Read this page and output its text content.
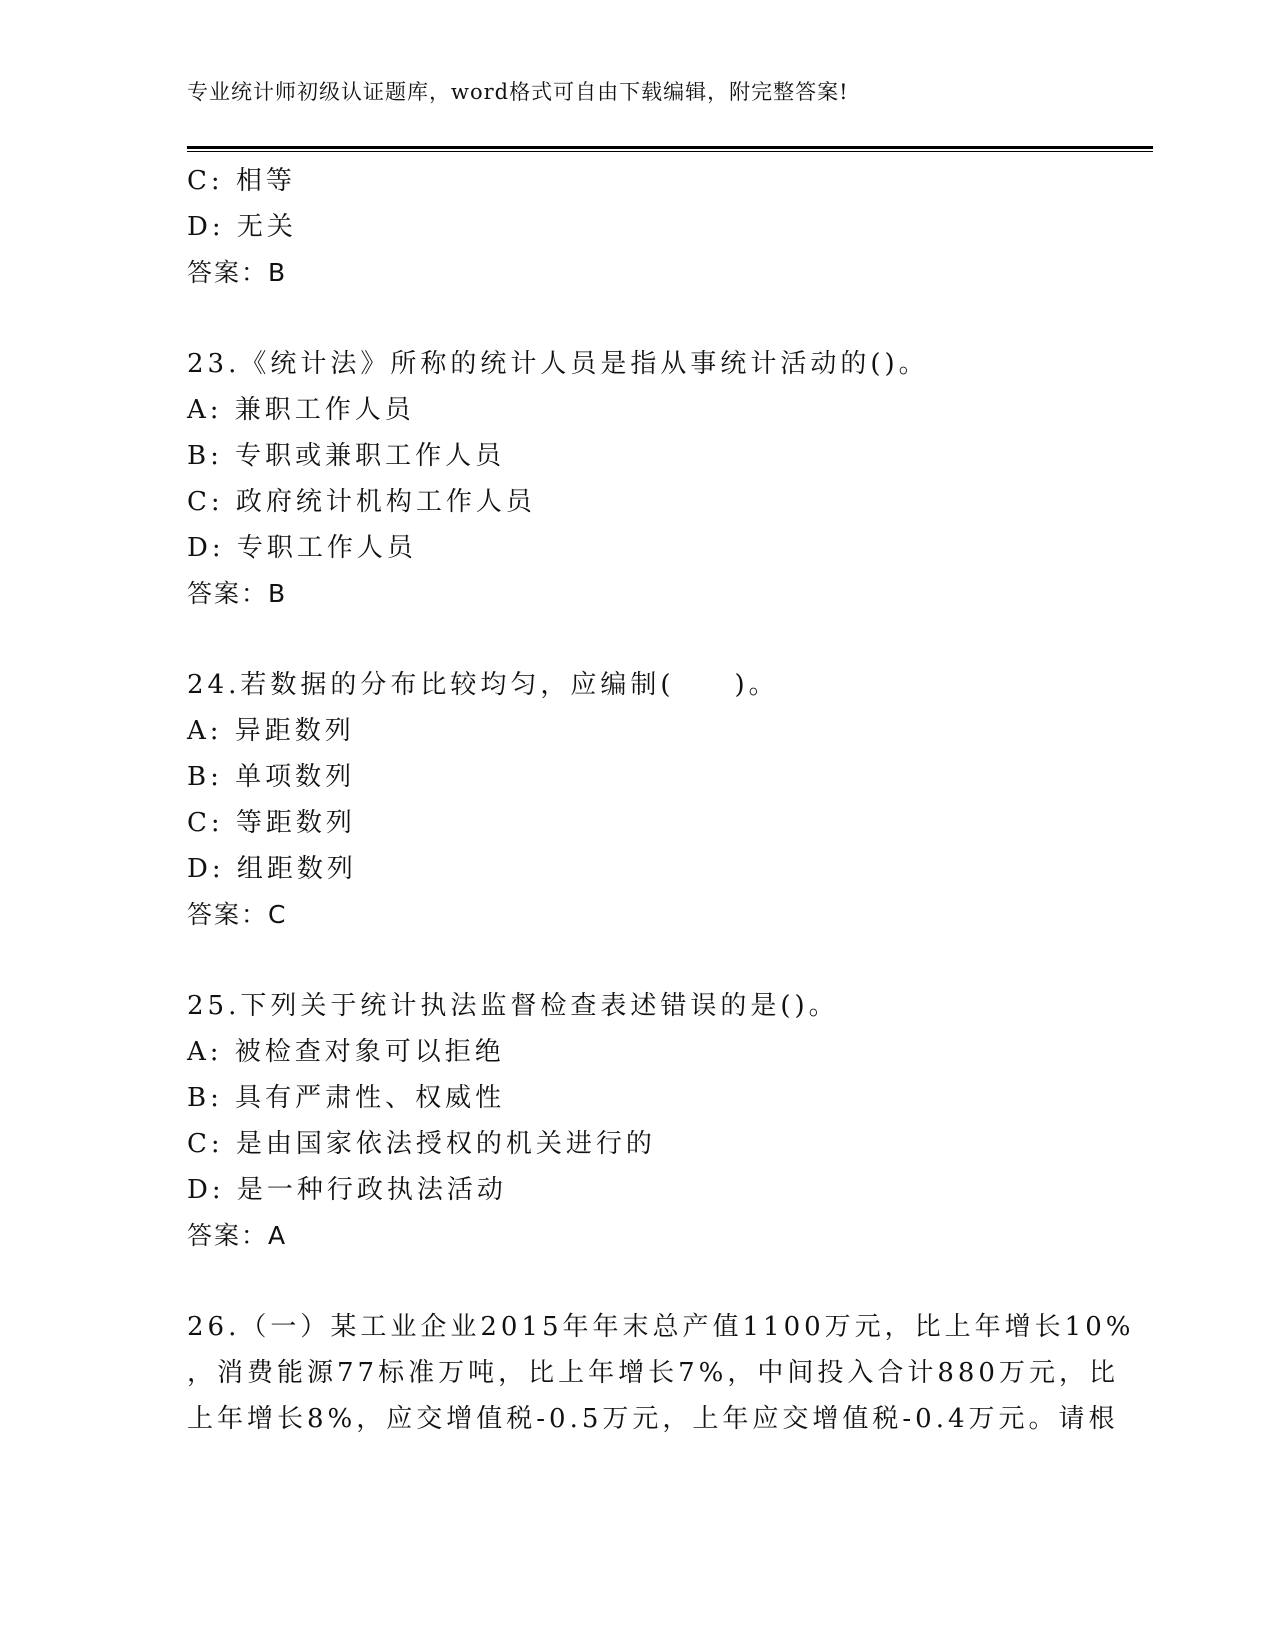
专业统计师初级认证题库，word格式可自由下载编辑，附完整答案!
C: 相等
D: 无关
答案：B
23.《统计法》所称的统计人员是指从事统计活动的()。
A: 兼职工作人员
B: 专职或兼职工作人员
C: 政府统计机构工作人员
D: 专职工作人员
答案：B
24.若数据的分布比较均匀，应编制(　　)。
A: 异距数列
B: 单项数列
C: 等距数列
D: 组距数列
答案：C
25.下列关于统计执法监督检查表述错误的是()。
A: 被检查对象可以拒绝
B: 具有严肃性、权威性
C: 是由国家依法授权的机关进行的
D: 是一种行政执法活动
答案：A
26.（一）某工业企业2015年年末总产值1100万元，比上年增长10%
，消费能源77标准万吨，比上年增长7%，中间投入合计880万元，比
上年增长8%，应交增值税-0.5万元，上年应交增值税-0.4万元。请根
